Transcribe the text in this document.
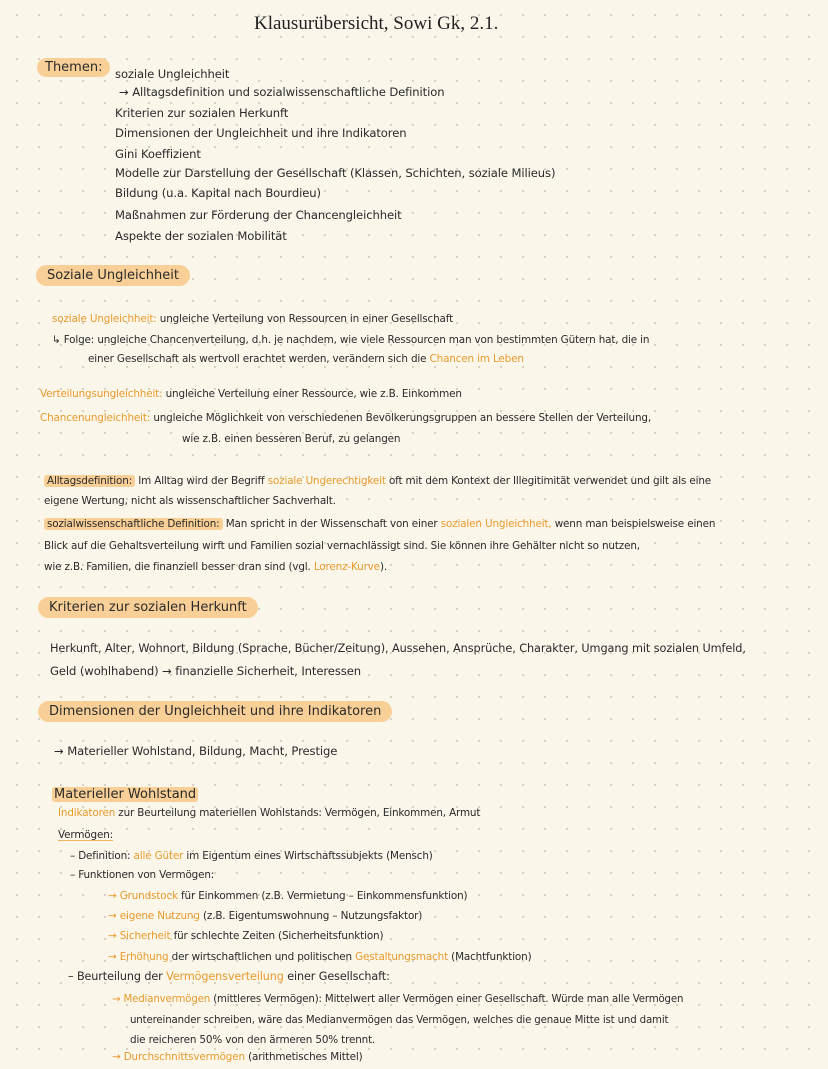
Klausurübersicht, Sowi Gk, 2.1.
Themen:	soziale Ungleichheit
→ Alltagsdefinition und sozialwissenschaftliche Definition
Kriterien zur sozialen Herkunft
Dimensionen der Ungleichheit und ihre Indikatoren
Gini Koeffizient
Modelle zur Darstellung der Gesellschaft (Klassen, Schichten, soziale Milieus)
Bildung (u.a. Kapital nach Bourdieu)
Maßnahmen zur Förderung der Chancengleichheit
Aspekte der sozialen Mobilität
Soziale Ungleichheit
soziale Ungleichheit: ungleiche Verteilung von Ressourcen in einer Gesellschaft
↳ Folge: ungleiche Chancenverteilung, d.h. je nachdem, wie viele Ressourcen man von bestimmten Gütern hat, die in
einer Gesellschaft als wertvoll erachtet werden, verändern sich die Chancen im Leben
Verteilungsungleichheit: ungleiche Verteilung einer Ressource, wie z.B. Einkommen
Chancenungleichheit: ungleiche Möglichkeit von verschiedenen Bevölkerungsgruppen an bessere Stellen der Verteilung,
wie z.B. einen besseren Beruf, zu gelangen
Alltagsdefinition: Im Alltag wird der Begriff soziale Ungerechtigkeit oft mit dem Kontext der Illegitimität verwendet und gilt als eine
eigene Wertung, nicht als wissenschaftlicher Sachverhalt.
sozialwissenschaftliche Definition: Man spricht in der Wissenschaft von einer sozialen Ungleichheit, wenn man beispielsweise einen
Blick auf die Gehaltsverteilung wirft und Familien sozial vernachlässigt sind. Sie können ihre Gehälter nicht so nutzen,
wie z.B. Familien, die finanziell besser dran sind (vgl. Lorenz-Kurve).
Kriterien zur sozialen Herkunft
Herkunft, Alter, Wohnort, Bildung (Sprache, Bücher/Zeitung), Aussehen, Ansprüche, Charakter, Umgang mit sozialen Umfeld,
Geld (wohlhabend) → finanzielle Sicherheit, Interessen
Dimensionen der Ungleichheit und ihre Indikatoren
→ Materieller Wohlstand, Bildung, Macht, Prestige
Materieller Wohlstand
Indikatoren zur Beurteilung materiellen Wohlstands: Vermögen, Einkommen, Armut
Vermögen:
– Definition: alle Güter im Eigentum eines Wirtschaftssubjekts (Mensch)
– Funktionen von Vermögen:
→ Grundstock für Einkommen (z.B. Vermietung – Einkommensfunktion)
→ eigene Nutzung (z.B. Eigentumswohnung – Nutzungsfaktor)
→ Sicherheit für schlechte Zeiten (Sicherheitsfunktion)
→ Erhöhung der wirtschaftlichen und politischen Gestaltungsmacht (Machtfunktion)
– Beurteilung der Vermögensverteilung einer Gesellschaft:
→ Medianvermögen (mittleres Vermögen): Mittelwert aller Vermögen einer Gesellschaft. Würde man alle Vermögen
untereinander schreiben, wäre das Medianvermögen das Vermögen, welches die genaue Mitte ist und damit
die reicheren 50% von den ärmeren 50% trennt.
→ Durchschnittsvermögen (arithmetisches Mittel)
